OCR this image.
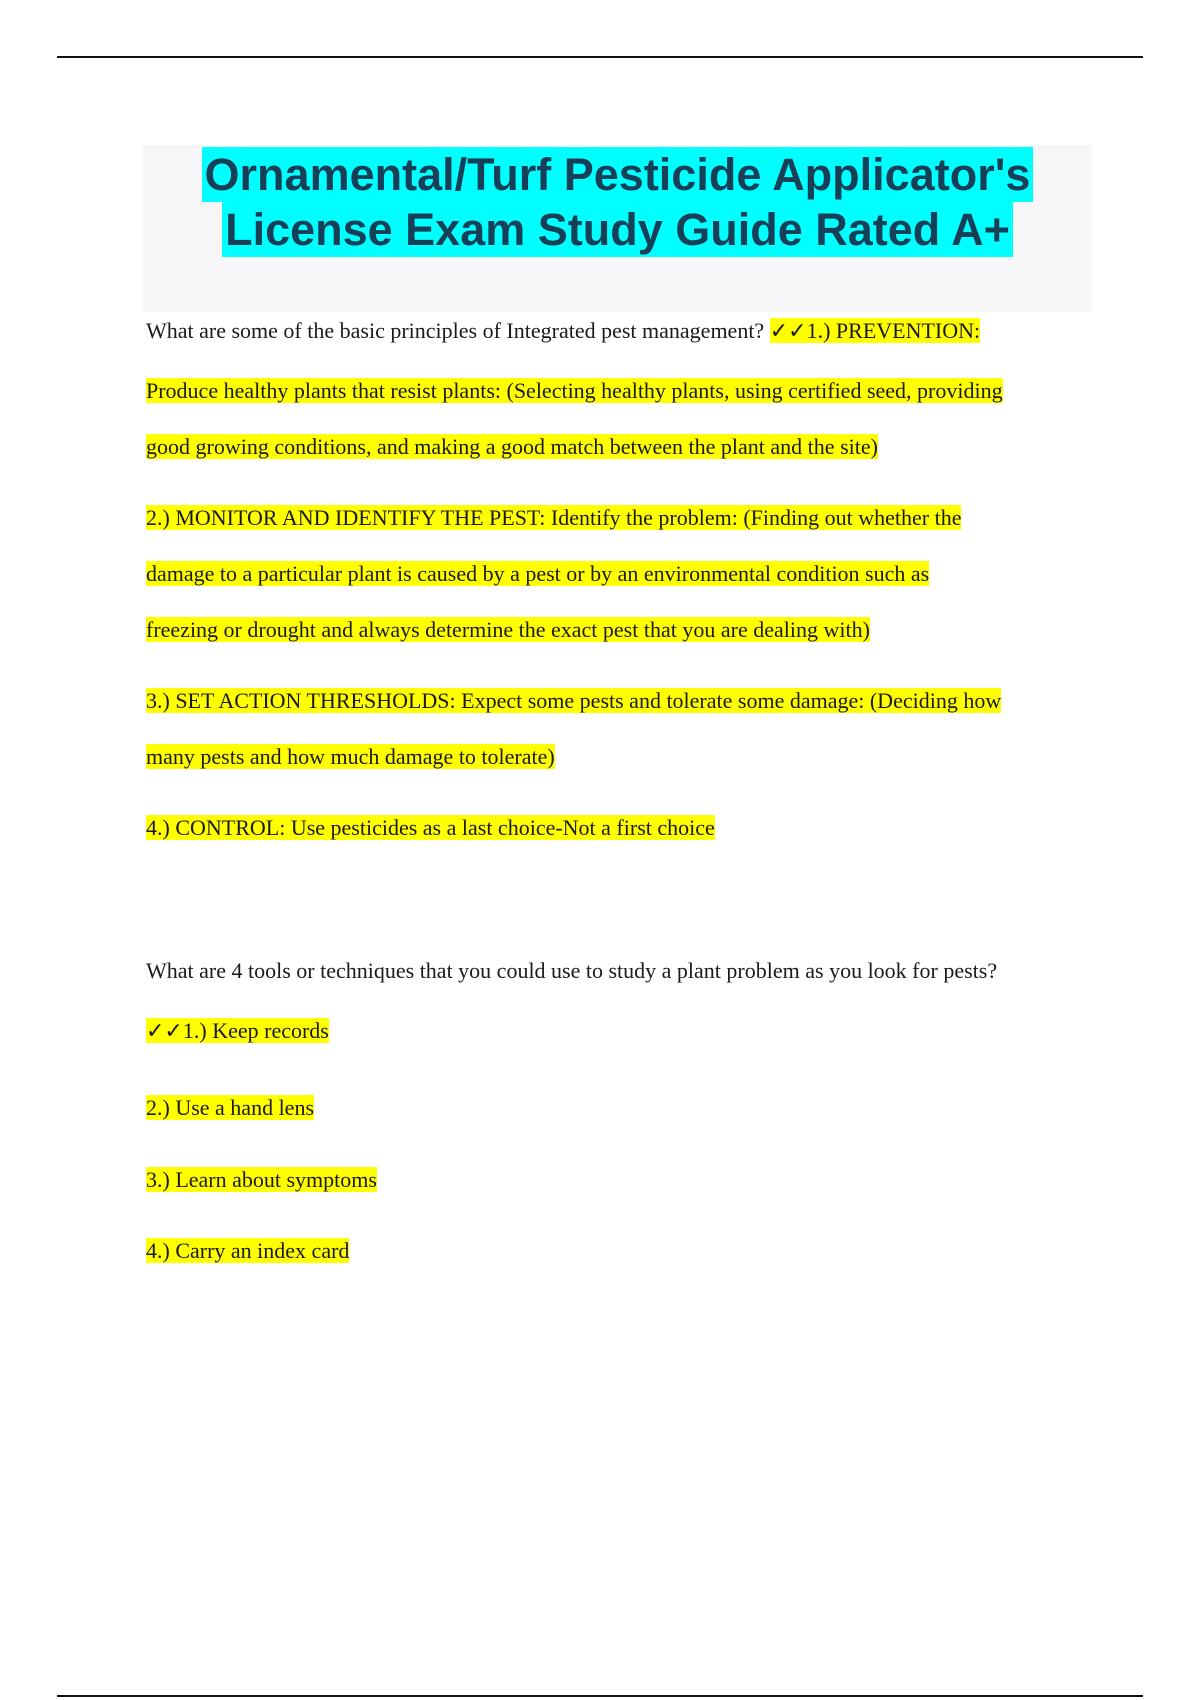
Ornamental/Turf Pesticide Applicator's
License Exam Study Guide Rated A+
What are some of the basic principles of Integrated pest management? ✓✓1.) PREVENTION:
Produce healthy plants that resist plants: (Selecting healthy plants, using certified seed, providing
good growing conditions, and making a good match between the plant and the site)
2.) MONITOR AND IDENTIFY THE PEST: Identify the problem: (Finding out whether the
damage to a particular plant is caused by a pest or by an environmental condition such as
freezing or drought and always determine the exact pest that you are dealing with)
3.) SET ACTION THRESHOLDS: Expect some pests and tolerate some damage: (Deciding how
many pests and how much damage to tolerate)
4.) CONTROL: Use pesticides as a last choice-Not a first choice
What are 4 tools or techniques that you could use to study a plant problem as you look for pests?
✓✓1.) Keep records
2.) Use a hand lens
3.) Learn about symptoms
4.) Carry an index card
